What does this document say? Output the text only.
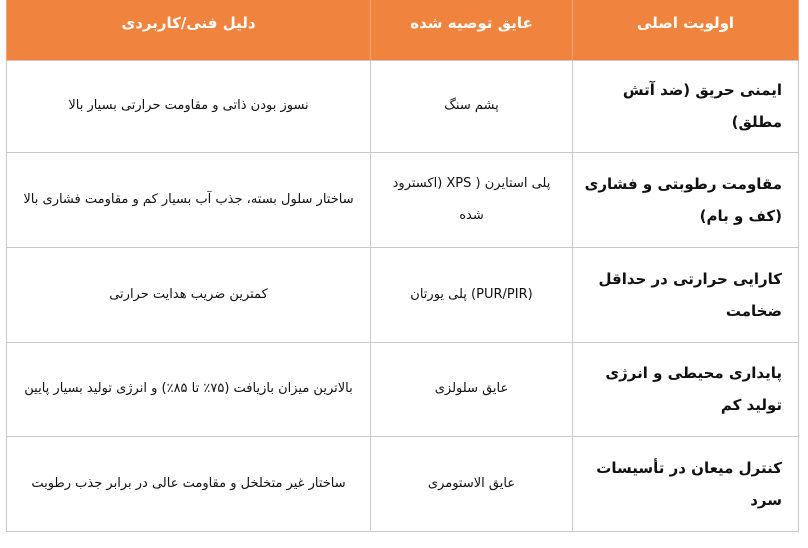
اولویت اصلی	عایق توصیه شده	دلیل فنی/کاربردی
ایمنی حریق (ضد آتش مطلق)	پشم سنگ	نسوز بودن ذاتی و مقاومت حرارتی بسیار بالا
مقاومت رطوبتی و فشاری (کف و بام)	پلی استایرن ( XPS (اکسترود شده	ساختار سلول بسته، جذب آب بسیار کم و مقاومت فشاری بالا
کارایی حرارتی در حداقل ضخامت	(PUR/PIR) پلی یورتان	کمترین ضریب هدایت حرارتی
پایداری محیطی و انرژی تولید کم	عایق سلولزی	بالاترین میزان بازیافت (۷۵٪ تا ۸۵٪) و انرژی تولید بسیار پایین
کنترل میعان در تأسیسات سرد	عایق الاستومری	ساختار غیر متخلخل و مقاومت عالی در برابر جذب رطوبت
